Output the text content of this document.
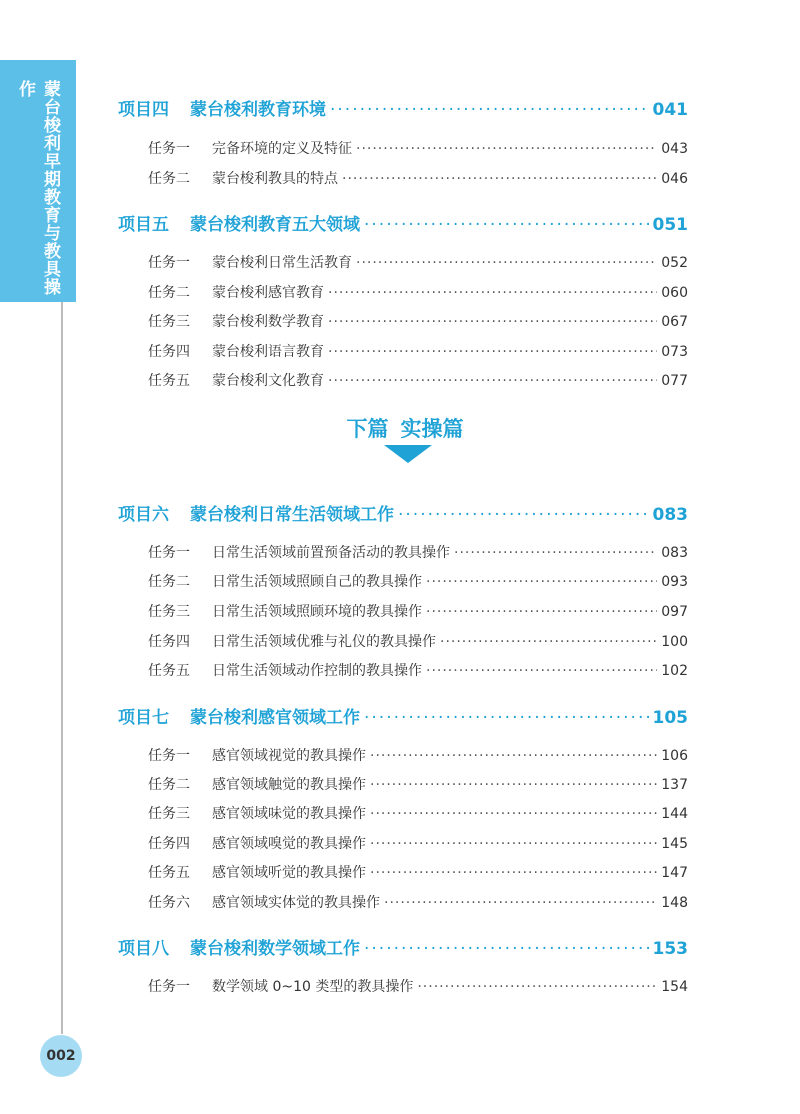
蒙台梭利早期教育与教具操作
002
项目四	蒙台梭利教育环境 ·····	041
任务一	完备环境的定义及特征 ·····	043
任务二	蒙台梭利教具的特点 ·····	046
项目五	蒙台梭利教育五大领域 ·····	051
任务一	蒙台梭利日常生活教育 ·····	052
任务二	蒙台梭利感官教育 ·····	060
任务三	蒙台梭利数学教育 ·····	067
任务四	蒙台梭利语言教育 ·····	073
任务五	蒙台梭利文化教育 ·····	077
下篇 实操篇
项目六	蒙台梭利日常生活领域工作 ·····	083
任务一	日常生活领域前置预备活动的教具操作 ·····	083
任务二	日常生活领域照顾自己的教具操作 ·····	093
任务三	日常生活领域照顾环境的教具操作 ·····	097
任务四	日常生活领域优雅与礼仪的教具操作 ·····	100
任务五	日常生活领域动作控制的教具操作 ·····	102
项目七	蒙台梭利感官领域工作 ·····	105
任务一	感官领域视觉的教具操作 ·····	106
任务二	感官领域触觉的教具操作 ·····	137
任务三	感官领域味觉的教具操作 ·····	144
任务四	感官领域嗅觉的教具操作 ·····	145
任务五	感官领域听觉的教具操作 ·····	147
任务六	感官领域实体觉的教具操作 ·····	148
项目八	蒙台梭利数学领域工作 ·····	153
任务一	数学领域 0~10 类型的教具操作 ·····	154
